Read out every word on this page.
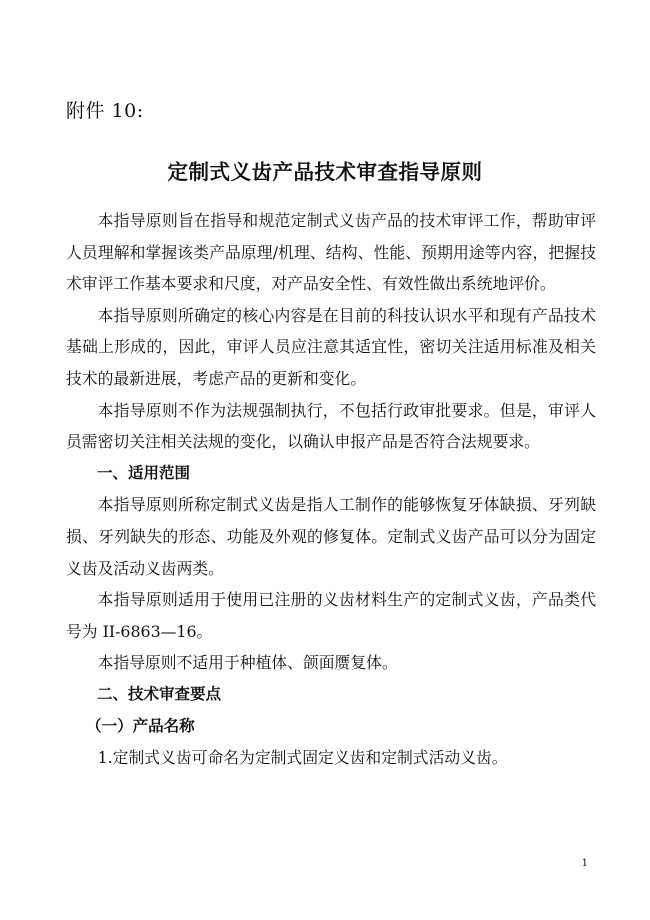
附件 10:
定制式义齿产品技术审查指导原则

本指导原则旨在指导和规范定制式义齿产品的技术审评工作，帮助审评人员理解和掌握该类产品原理/机理、结构、性能、预期用途等内容，把握技术审评工作基本要求和尺度，对产品安全性、有效性做出系统地评价。

本指导原则所确定的核心内容是在目前的科技认识水平和现有产品技术基础上形成的，因此，审评人员应注意其适宜性，密切关注适用标准及相关技术的最新进展，考虑产品的更新和变化。

本指导原则不作为法规强制执行，不包括行政审批要求。但是，审评人员需密切关注相关法规的变化，以确认申报产品是否符合法规要求。

一、适用范围

本指导原则所称定制式义齿是指人工制作的能够恢复牙体缺损、牙列缺损、牙列缺失的形态、功能及外观的修复体。定制式义齿产品可以分为固定义齿及活动义齿两类。

本指导原则适用于使用已注册的义齿材料生产的定制式义齿，产品类代号为 II-6863—16。

本指导原则不适用于种植体、颌面赝复体。

二、技术审查要点
（一）产品名称

1.定制式义齿可命名为定制式固定义齿和定制式活动义齿。

1
